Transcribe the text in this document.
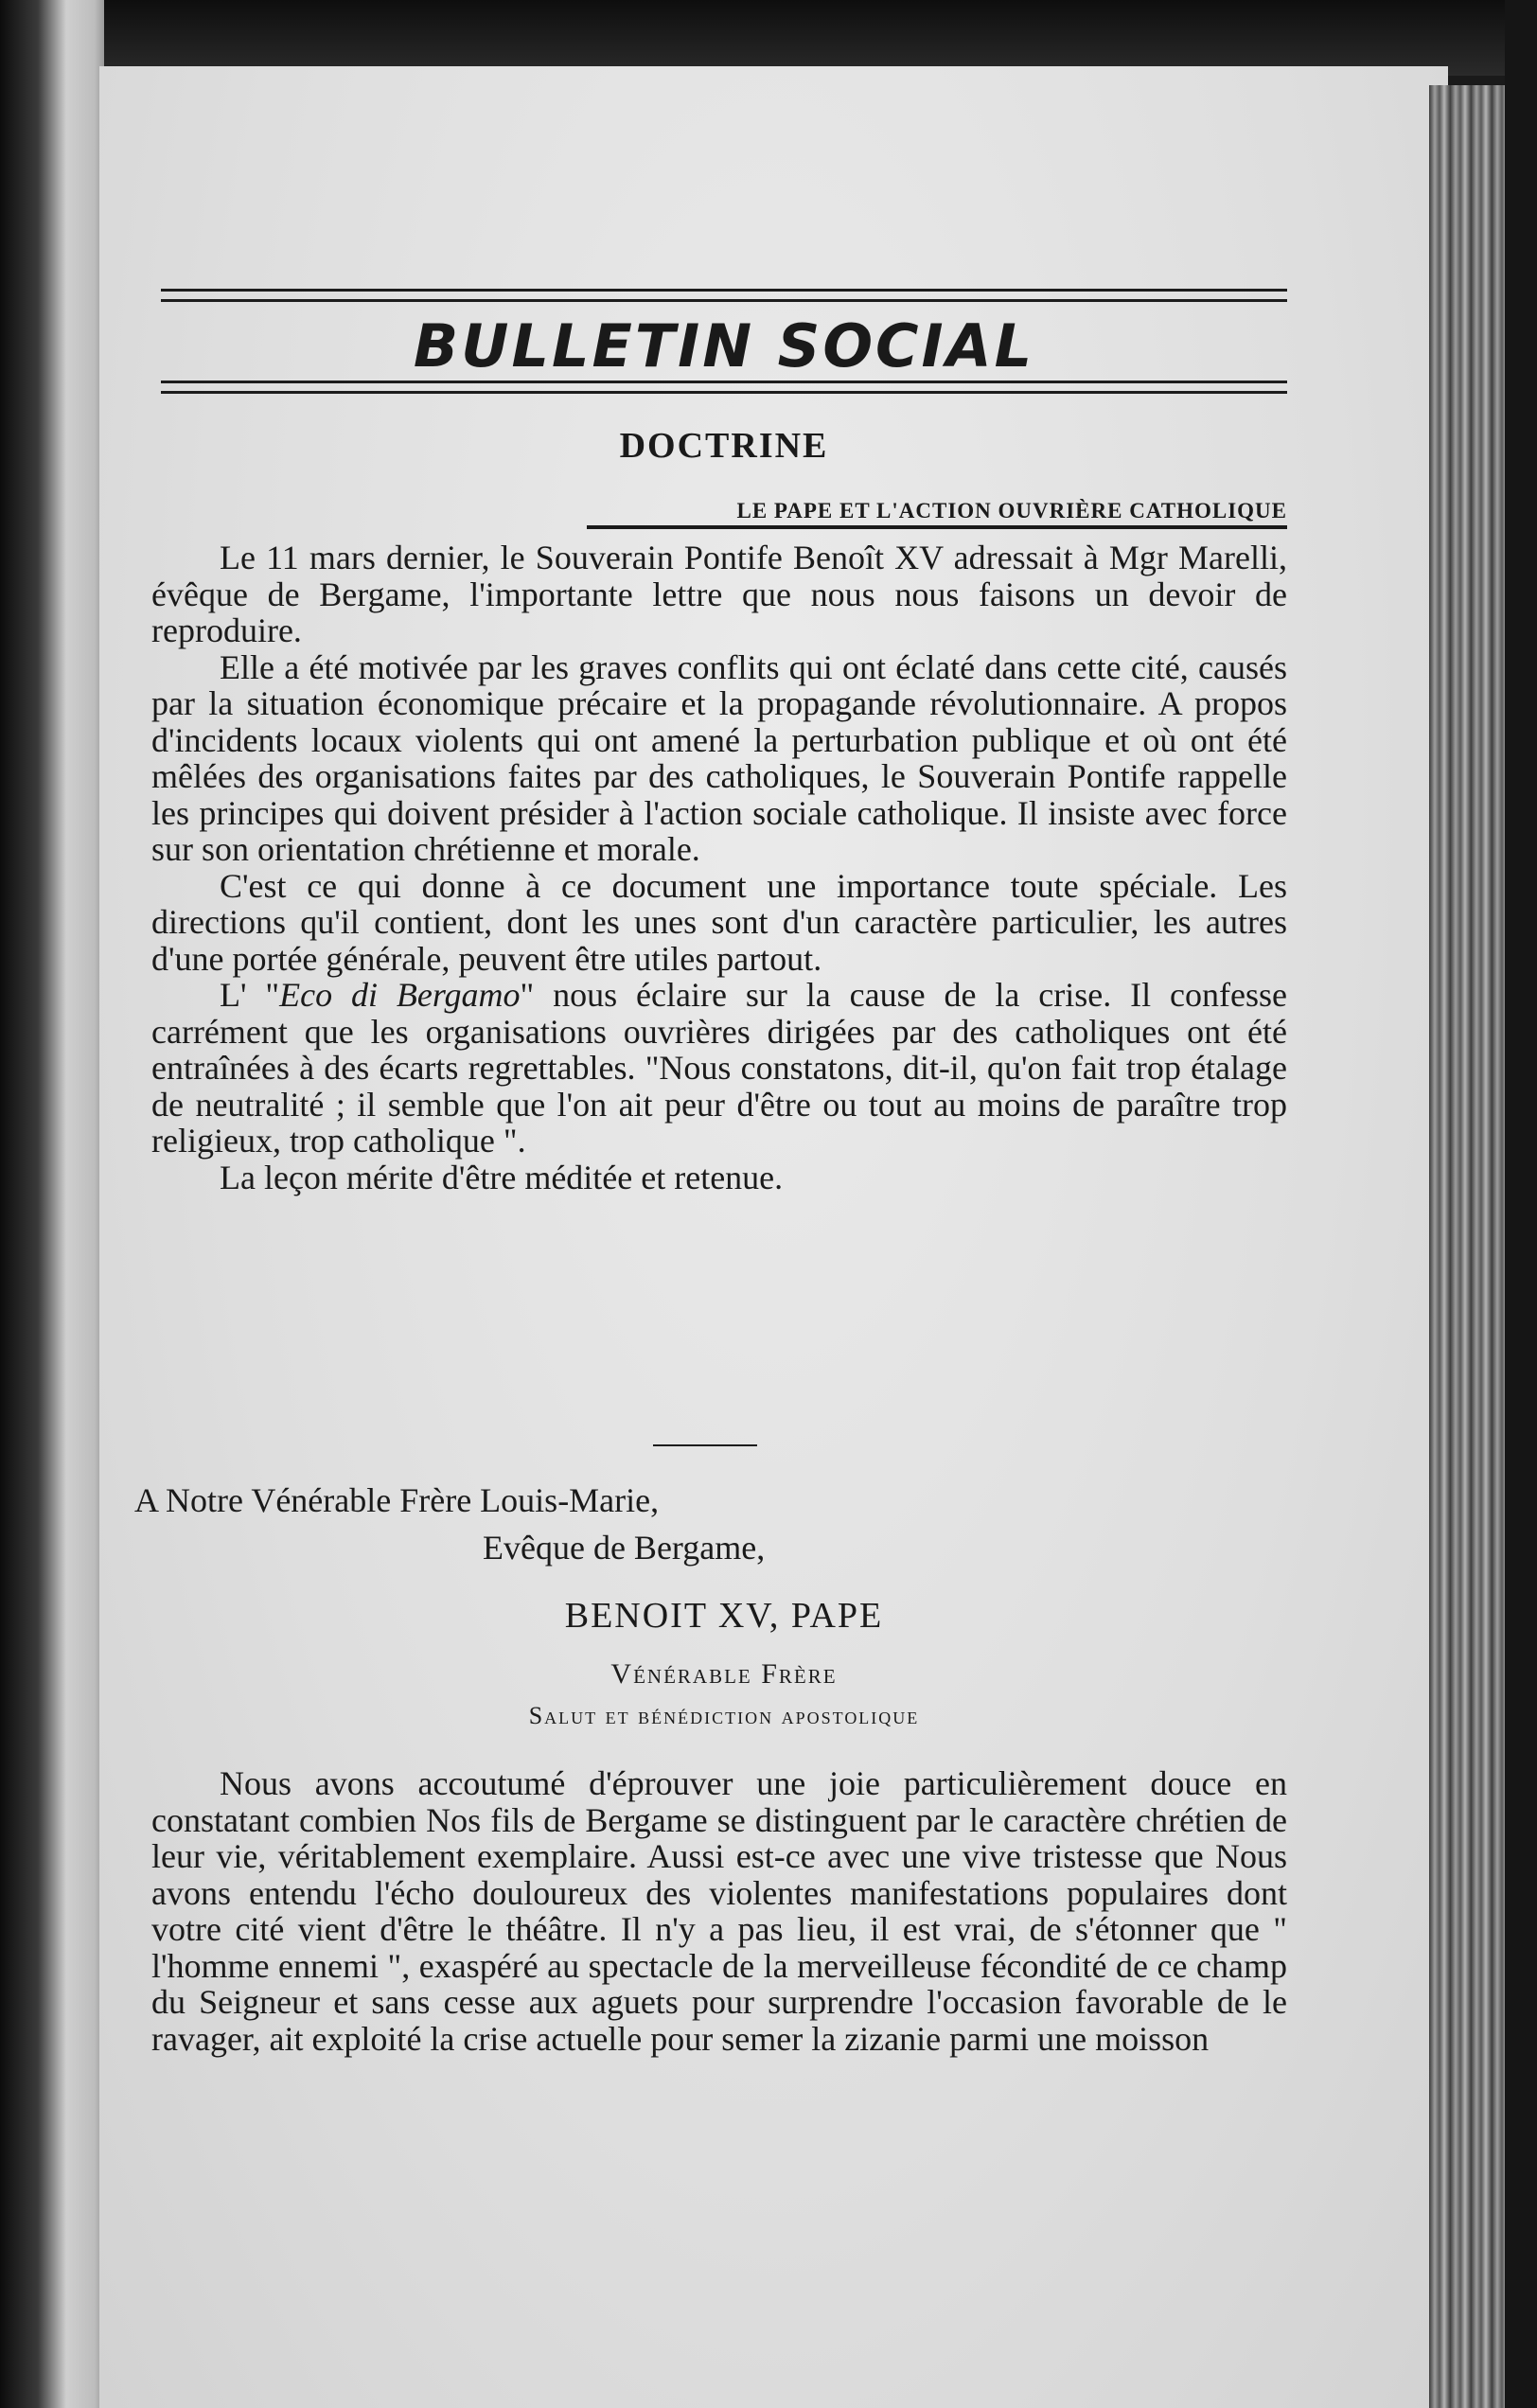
BULLETIN SOCIAL
DOCTRINE
LE PAPE ET L'ACTION OUVRIÈRE CATHOLIQUE

Le 11 mars dernier, le Souverain Pontife Benoît XV adressait à Mgr Marelli, évêque de Bergame, l'importante lettre que nous nous faisons un devoir de reproduire.

Elle a été motivée par les graves conflits qui ont éclaté dans cette cité, causés par la situation économique précaire et la propagande révolutionnaire. A propos d'incidents locaux violents qui ont amené la perturbation publique et où ont été mêlées des organisations faites par des catholiques, le Souverain Pontife rappelle les principes qui doivent présider à l'action sociale catholique. Il insiste avec force sur son orientation chrétienne et morale.

C'est ce qui donne à ce document une importance toute spéciale. Les directions qu'il contient, dont les unes sont d'un caractère particulier, les autres d'une portée générale, peuvent être utiles partout.

L' "Eco di Bergamo" nous éclaire sur la cause de la crise. Il confesse carrément que les organisations ouvrières dirigées par des catholiques ont été entraînées à des écarts regrettables. "Nous constatons, dit-il, qu'on fait trop étalage de neutralité ; il semble que l'on ait peur d'être ou tout au moins de paraître trop religieux, trop catholique ".

La leçon mérite d'être méditée et retenue.

A Notre Vénérable Frère Louis-Marie,

Evêque de Bergame,

BENOIT XV, PAPE

Vénérable Frère

Salut et bénédiction apostolique

Nous avons accoutumé d'éprouver une joie particulièrement douce en constatant combien Nos fils de Bergame se distinguent par le caractère chrétien de leur vie, véritablement exemplaire. Aussi est-ce avec une vive tristesse que Nous avons entendu l'écho douloureux des violentes manifestations populaires dont votre cité vient d'être le théâtre. Il n'y a pas lieu, il est vrai, de s'étonner que " l'homme ennemi ", exaspéré au spectacle de la merveilleuse fécondité de ce champ du Seigneur et sans cesse aux aguets pour surprendre l'occasion favorable de le ravager, ait exploité la crise actuelle pour semer la zizanie parmi une moisson
